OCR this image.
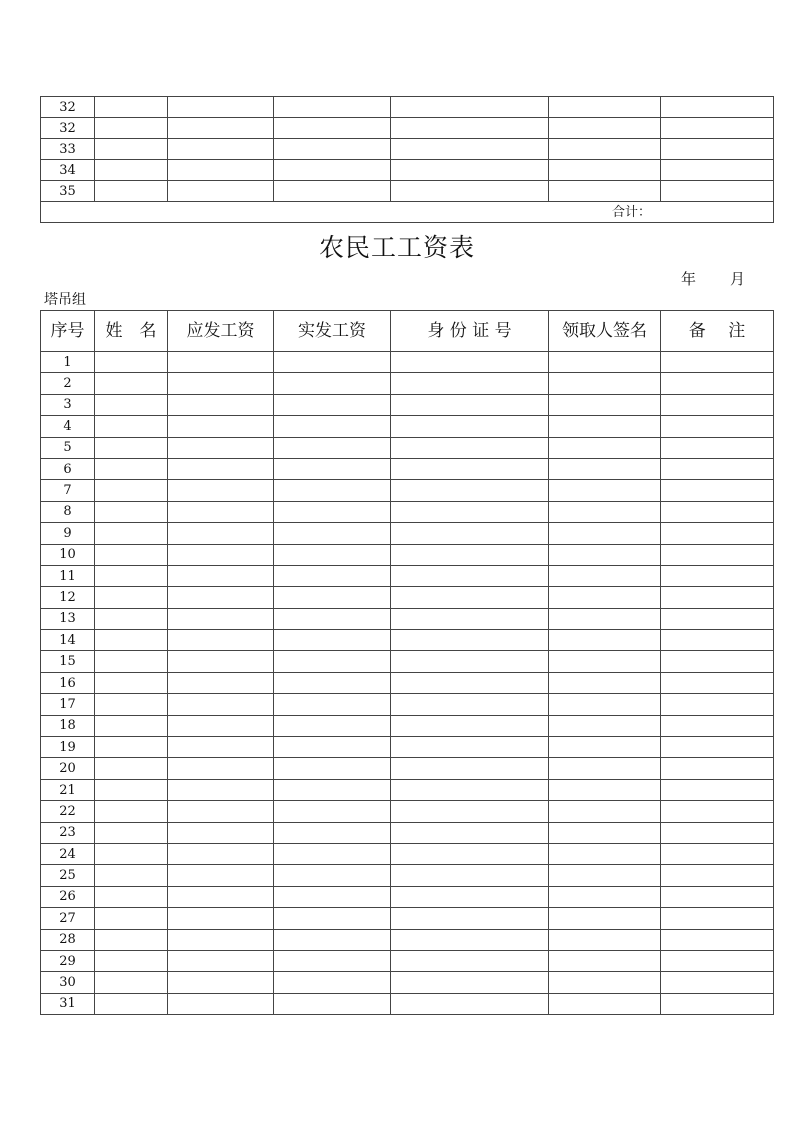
32						
32						
33						
34						
35						
合计：						
农民工工资表
年 月
塔吊组
序号	姓　名	应发工资	实发工资	身 份 证 号	领取人签名	备　 注
1						
2						
3						
4						
5						
6						
7						
8						
9						
10						
11						
12						
13						
14						
15						
16						
17						
18						
19						
20						
21						
22						
23						
24						
25						
26						
27						
28						
29						
30						
31						
